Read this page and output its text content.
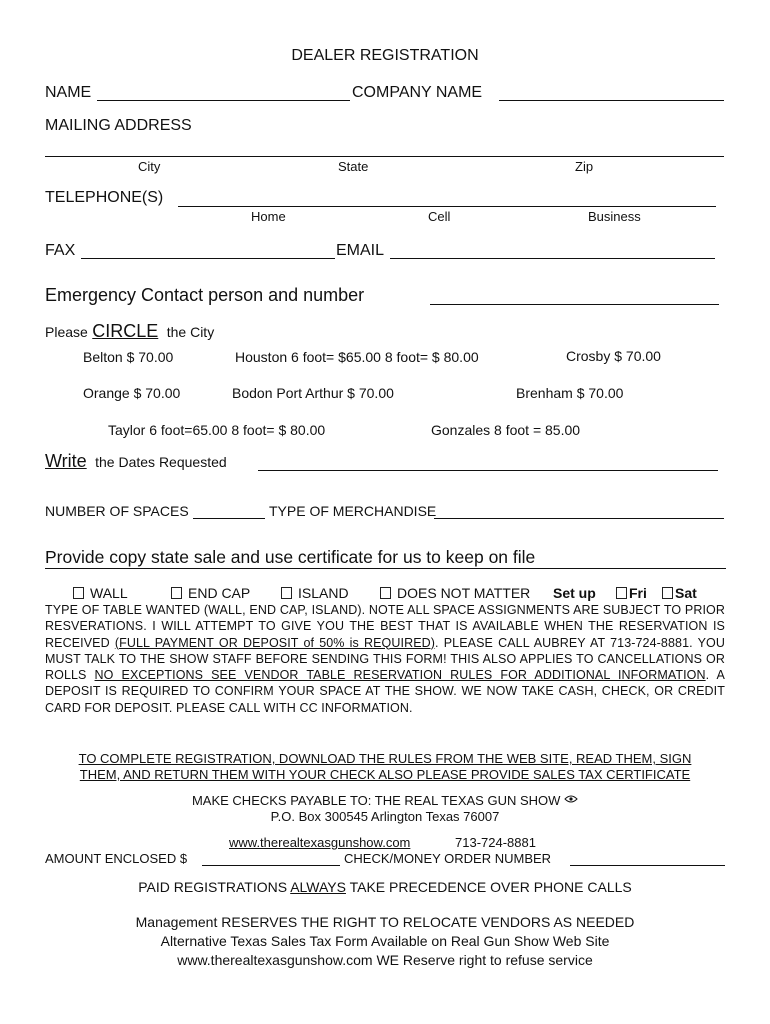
DEALER REGISTRATION
NAME	COMPANY NAME
MAILING ADDRESS
City	State	Zip
TELEPHONE(S)
Home	Cell	Business
FAX	EMAIL
Emergency Contact person and number
Please CIRCLE the City
Belton $ 70.00	Houston 6 foot= $65.00 8 foot= $ 80.00	Crosby $ 70.00
Orange $ 70.00	Bodon Port Arthur $ 70.00	Brenham $ 70.00
Taylor 6 foot=65.00 8 foot= $ 80.00	Gonzales 8 foot = 85.00
Write the Dates Requested
NUMBER OF SPACES	TYPE OF MERCHANDISE
Provide copy state sale and use certificate for us to keep on file
WALL	END CAP	ISLAND	DOES NOT MATTER Set up	Fri	Sat
TYPE OF TABLE WANTED (WALL, END CAP, ISLAND). NOTE ALL SPACE ASSIGNMENTS ARE SUBJECT TO PRIOR RESVERATIONS. I WILL ATTEMPT TO GIVE YOU THE BEST THAT IS AVAILABLE WHEN THE RESERVATION IS RECEIVED (FULL PAYMENT OR DEPOSIT of 50% is REQUIRED). PLEASE CALL AUBREY AT 713-724-8881. YOU MUST TALK TO THE SHOW STAFF BEFORE SENDING THIS FORM! THIS ALSO APPLIES TO CANCELLATIONS OR ROLLS NO EXCEPTIONS SEE VENDOR TABLE RESERVATION RULES FOR ADDITIONAL INFORMATION. A DEPOSIT IS REQUIRED TO CONFIRM YOUR SPACE AT THE SHOW. WE NOW TAKE CASH, CHECK, OR CREDIT CARD FOR DEPOSIT. PLEASE CALL WITH CC INFORMATION.
TO COMPLETE REGISTRATION, DOWNLOAD THE RULES FROM THE WEB SITE, READ THEM, SIGN
THEM, AND RETURN THEM WITH YOUR CHECK ALSO PLEASE PROVIDE SALES TAX CERTIFICATE
MAKE CHECKS PAYABLE TO: THE REAL TEXAS GUN SHOW
P.O. Box 300545 Arlington Texas 76007
www.therealtexasgunshow.com	713-724-8881
AMOUNT ENCLOSED $	CHECK/MONEY ORDER NUMBER
PAID REGISTRATIONS ALWAYS TAKE PRECEDENCE OVER PHONE CALLS
Management RESERVES THE RIGHT TO RELOCATE VENDORS AS NEEDED
Alternative Texas Sales Tax Form Available on Real Gun Show Web Site
www.therealtexasgunshow.com WE Reserve right to refuse service
